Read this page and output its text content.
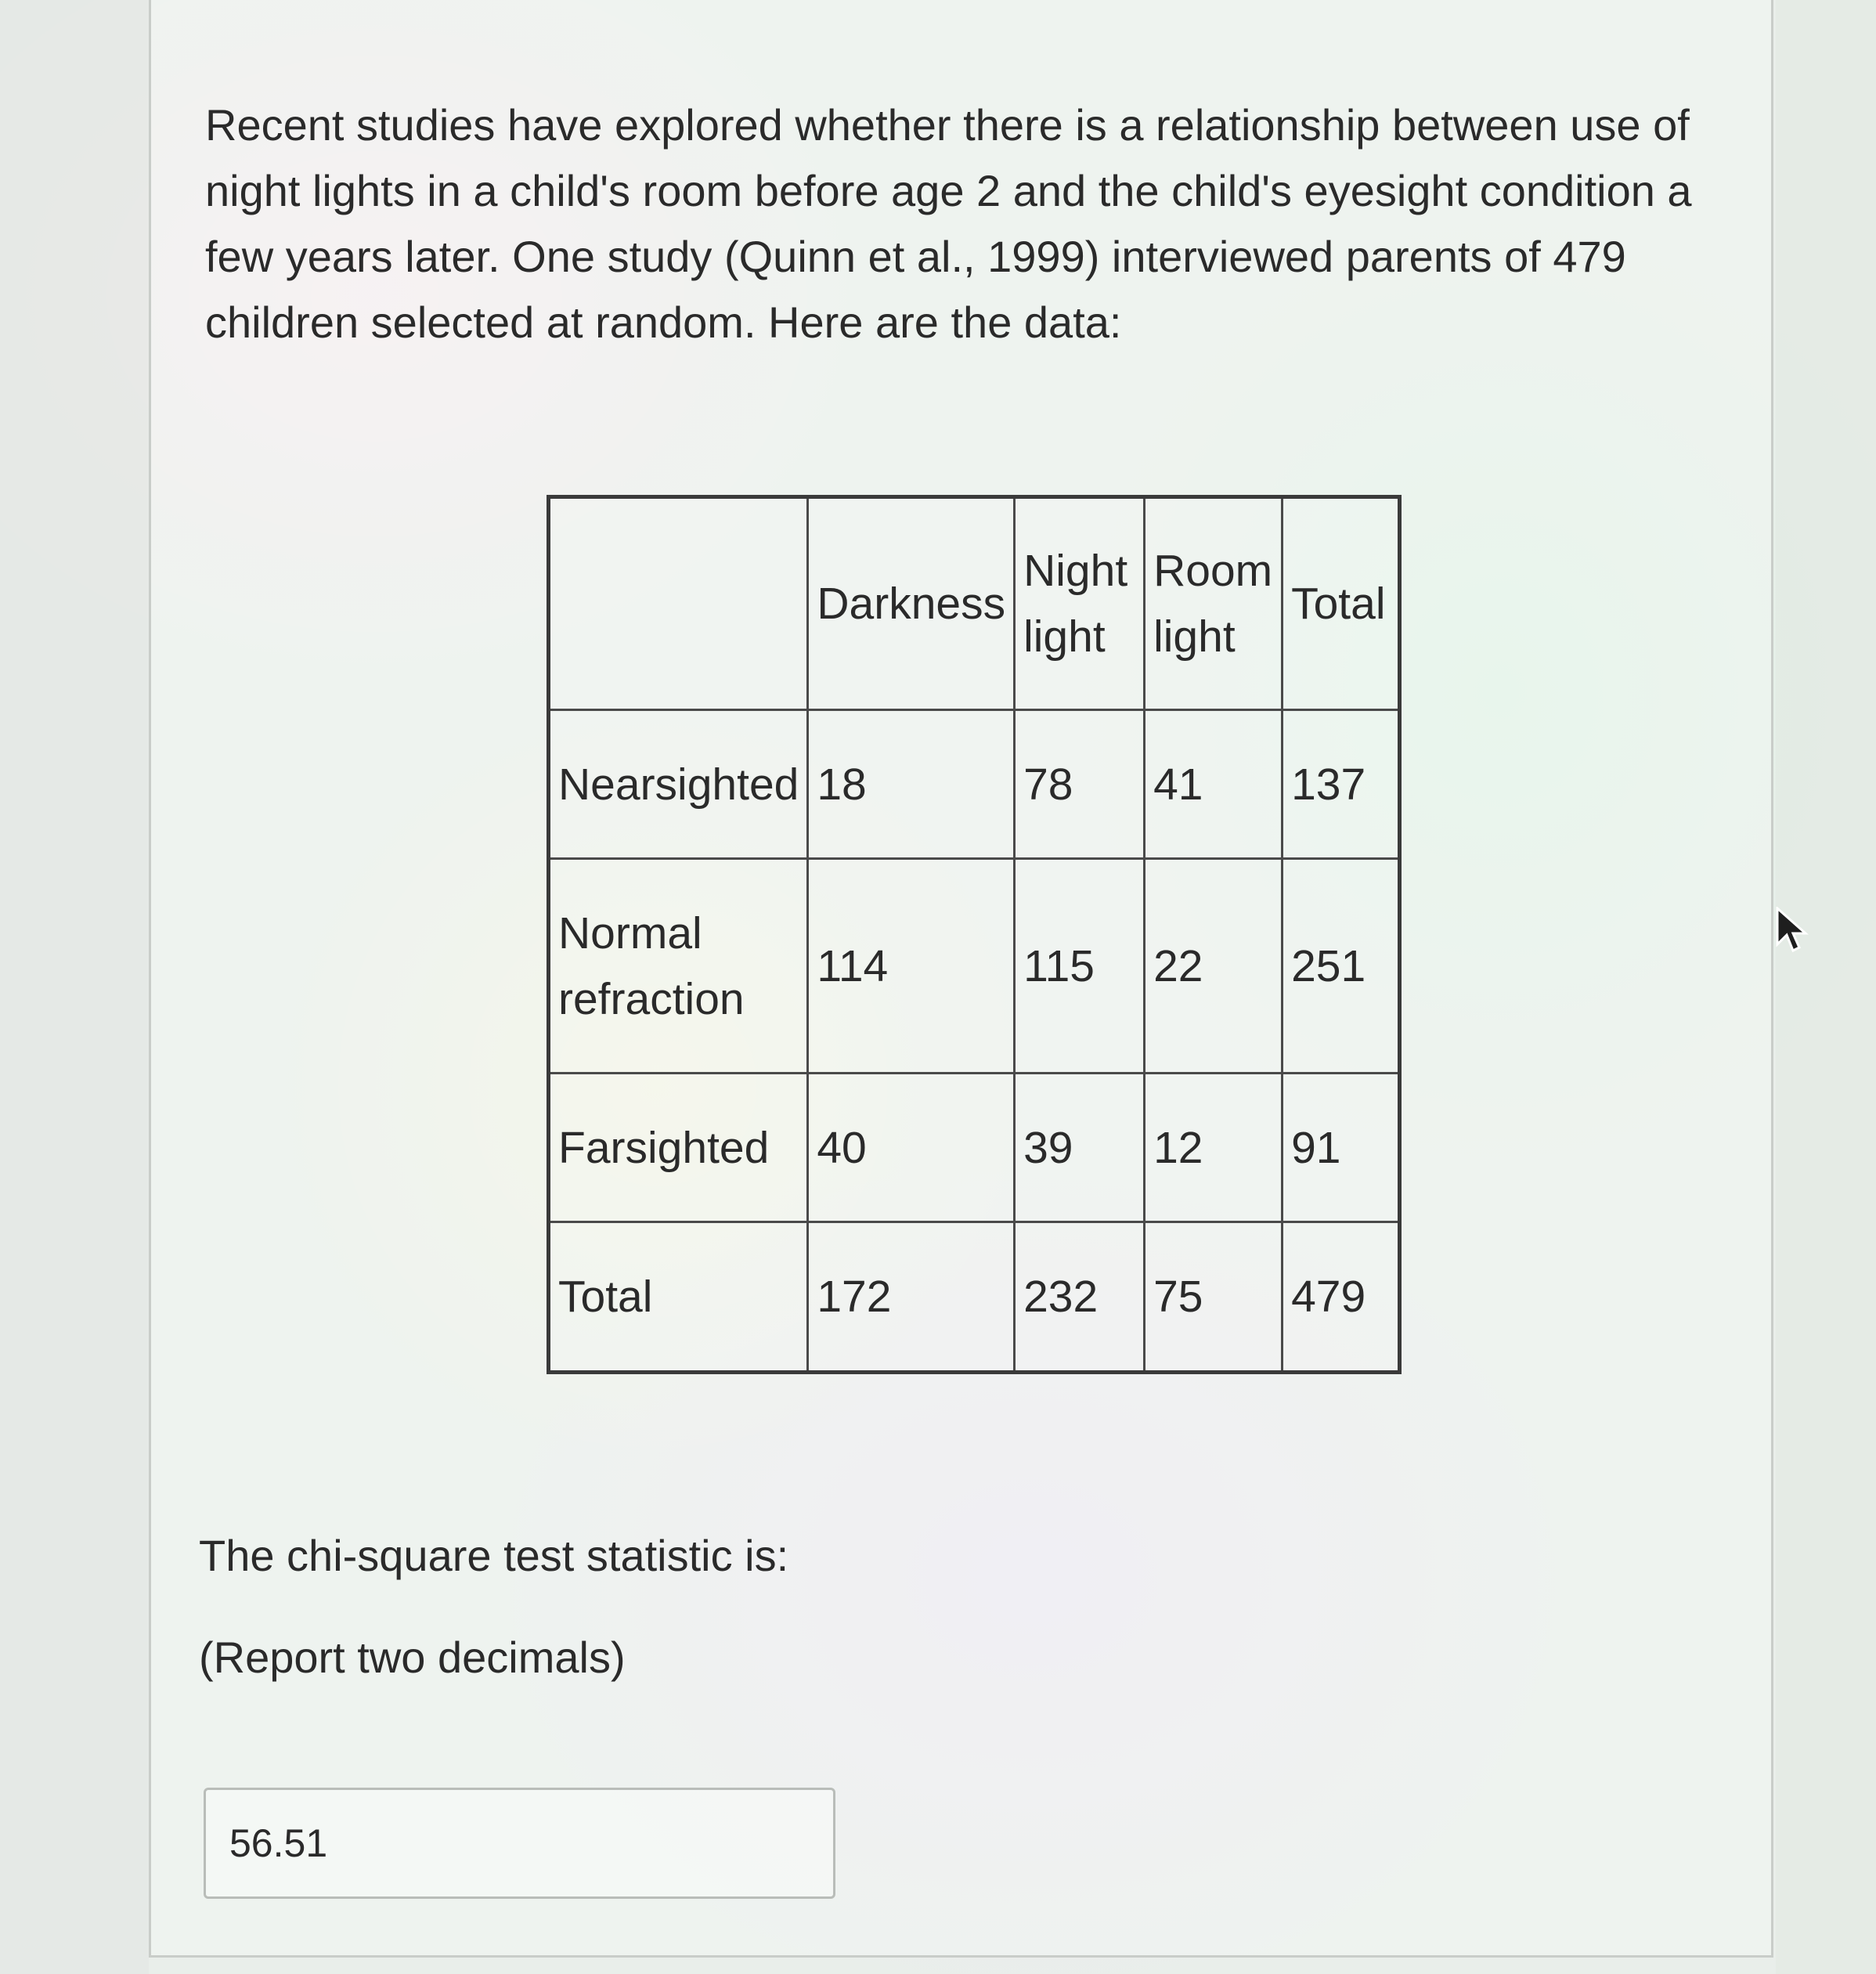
Recent studies have explored whether there is a relationship between use of night lights in a child's room before age 2 and the child's eyesight condition a few years later. One study (Quinn et al., 1999) interviewed parents of 479 children selected at random. Here are the data:

	Darkness	Night light	Room light	Total
Nearsighted	18	78	41	137
Normal refraction	114	115	22	251
Farsighted	40	39	12	91
Total	172	232	75	479

The chi-square test statistic is:

(Report two decimals)

56.51
